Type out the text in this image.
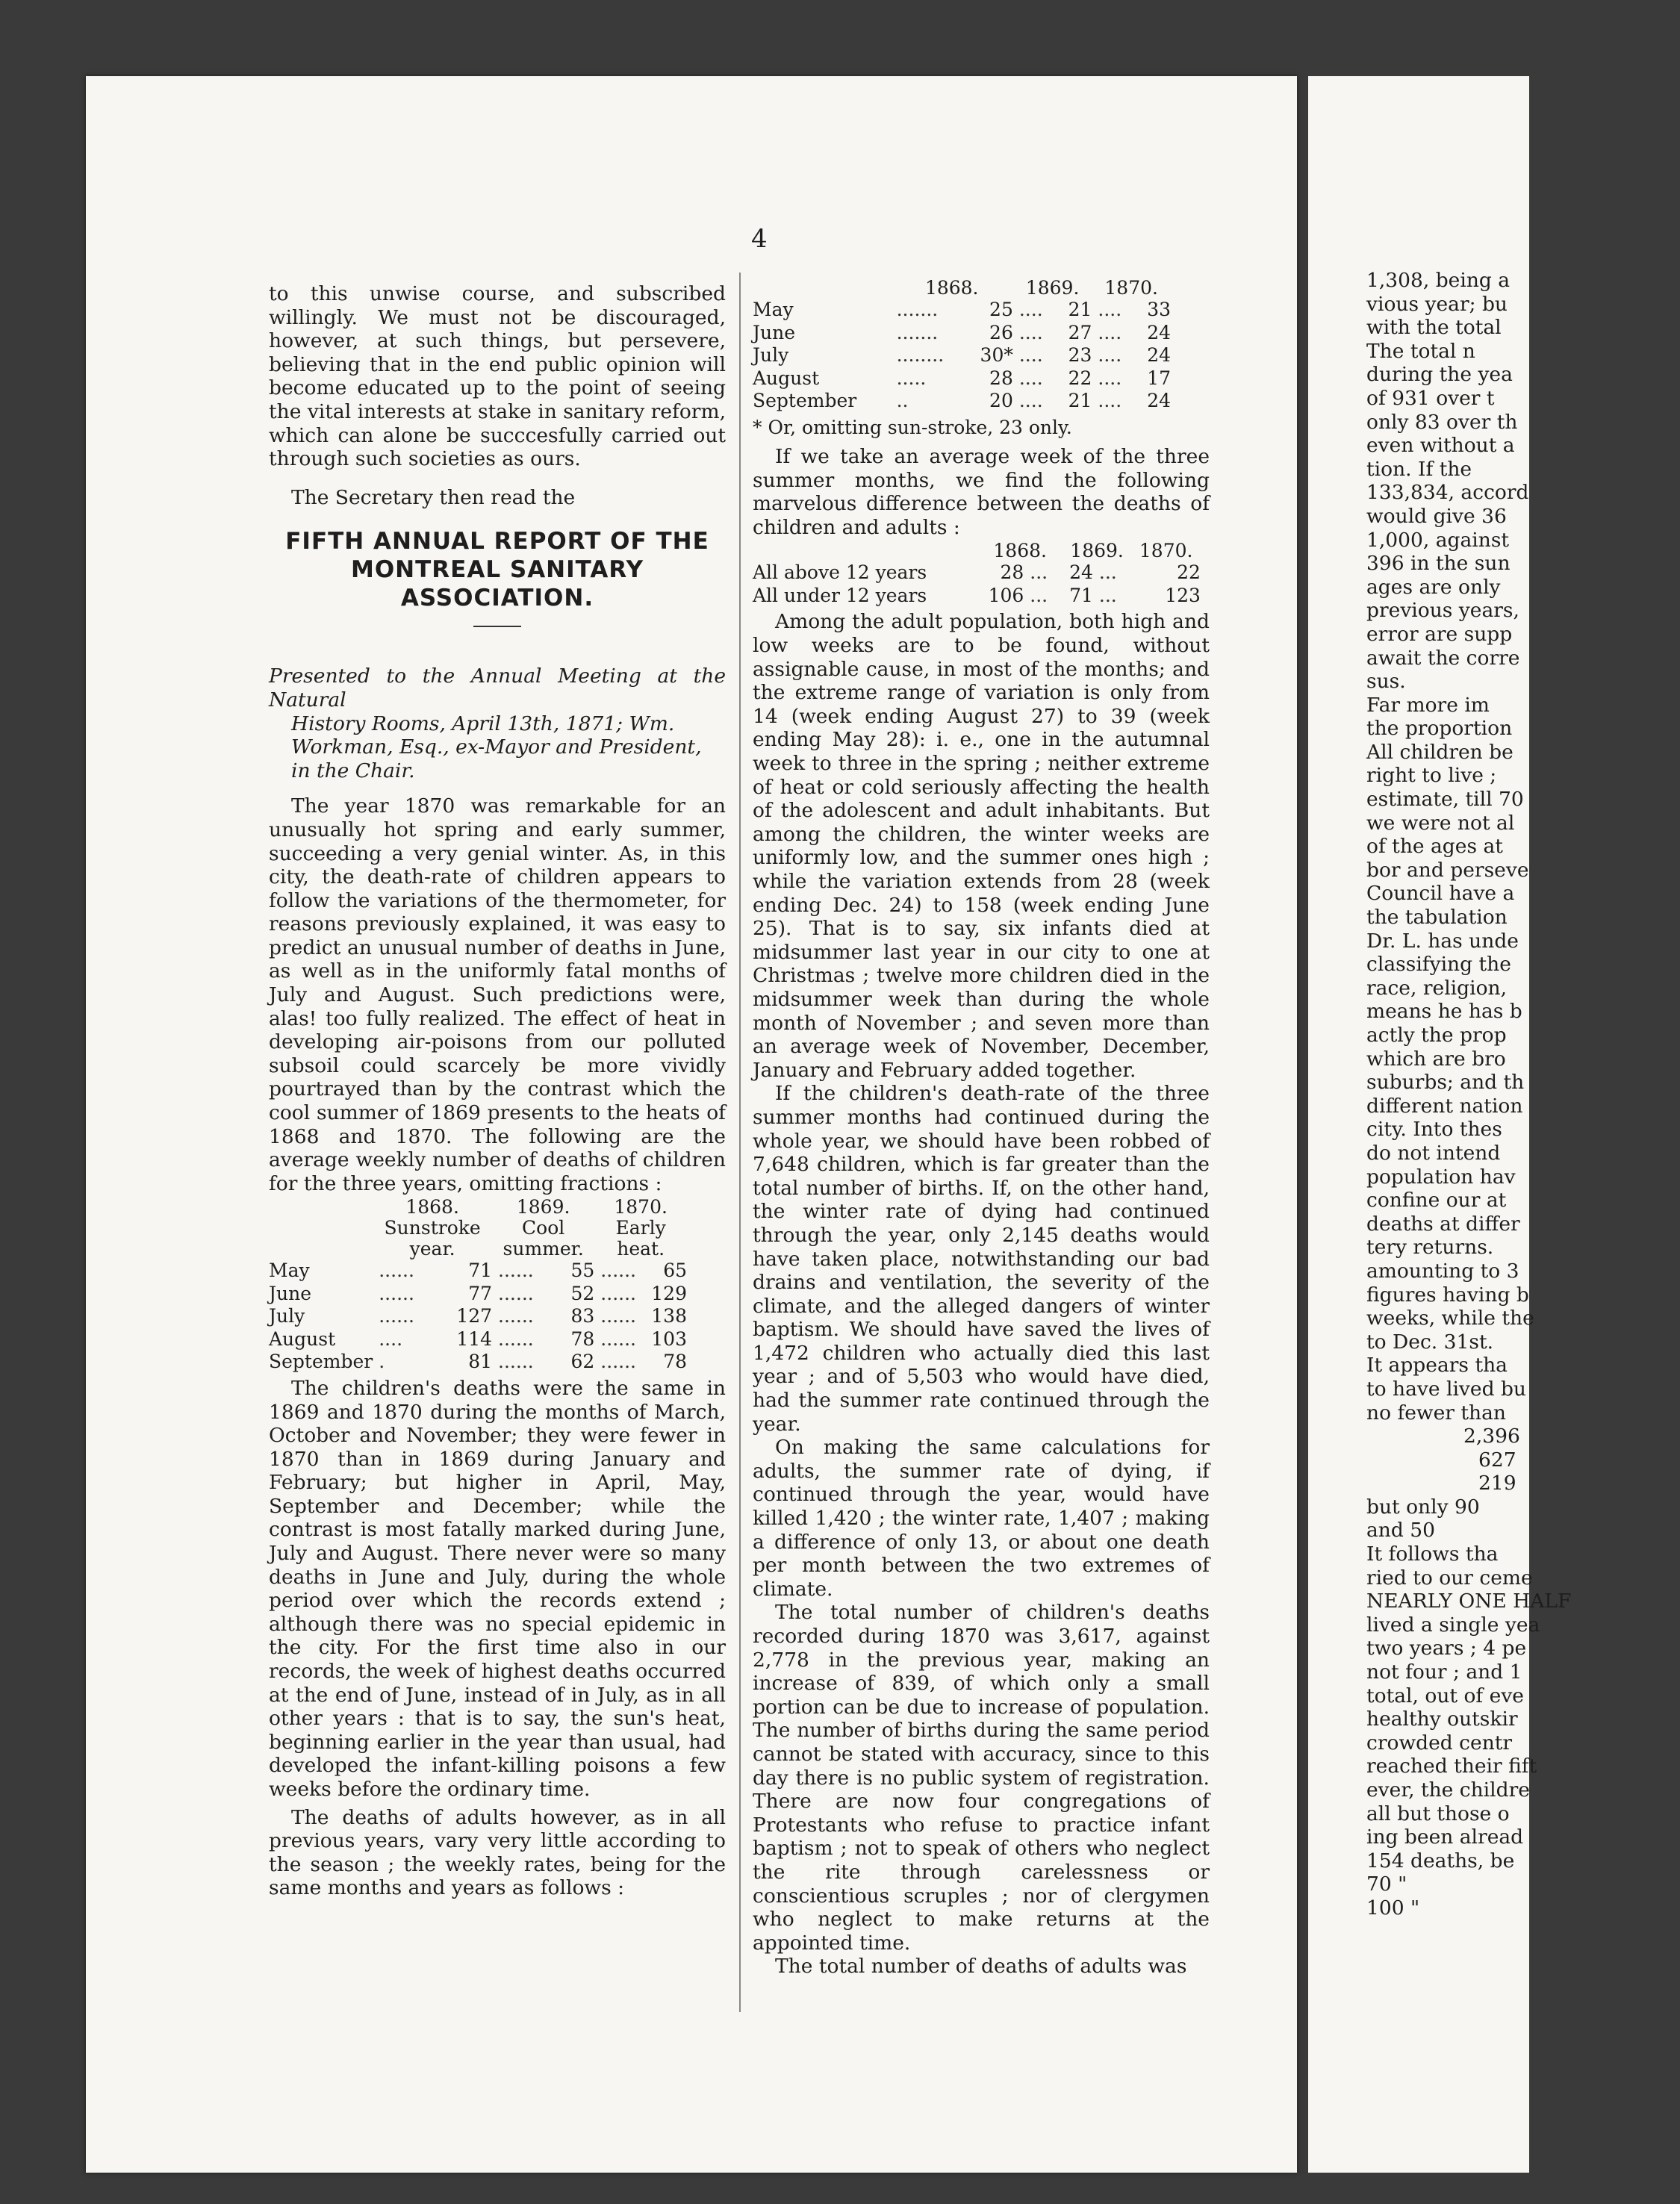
4

to this unwise course, and subscribed willingly. We must not be discouraged, however, at such things, but persevere, believing that in the end public opinion will become educated up to the point of seeing the vital interests at stake in sanitary reform, which can alone be succcesfully carried out through such societies as ours.

The Secretary then read the

FIFTH ANNUAL REPORT OF THE MONTREAL SANITARY ASSOCIATION.

Presented to the Annual Meeting at the Natural
History Rooms, April 13th, 1871; Wm.
Workman, Esq., ex-Mayor and President,
in the Chair.

The year 1870 was remarkable for an unusually hot spring and early summer, succeeding a very genial winter. As, in this city, the death-rate of children appears to follow the variations of the thermometer, for reasons previously explained, it was easy to predict an unusual number of deaths in June, as well as in the uniformly fatal months of July and August. Such predictions were, alas! too fully realized. The effect of heat in developing air-poisons from our polluted subsoil could scarcely be more vividly pourtrayed than by the contrast which the cool summer of 1869 presents to the heats of 1868 and 1870. The following are the average weekly number of deaths of children for the three years, omitting fractions :

	1868.
Sunstroke year.		1869.
Cool summer.		1870.
Early heat.	
May	......	71	......	55	......	65
June	......	77	......	52	......	129
July	......	127	......	83	......	138
August	....	114	......	78	......	103
September	.	81	......	62	......	78

The children's deaths were the same in 1869 and 1870 during the months of March, October and November; they were fewer in 1870 than in 1869 during January and February; but higher in April, May, September and December; while the contrast is most fatally marked during June, July and August. There never were so many deaths in June and July, during the whole period over which the records extend ; although there was no special epidemic in the city. For the first time also in our records, the week of highest deaths occurred at the end of June, instead of in July, as in all other years : that is to say, the sun's heat, beginning earlier in the year than usual, had developed the infant-killing poisons a few weeks before the ordinary time.

The deaths of adults however, as in all previous years, vary very little according to the season ; the weekly rates, being for the same months and years as follows :

	1868.		1869.		1870.	
May	.......	25	....	21	....	33
June	.......	26	....	27	....	24
July	........	30*	....	23	....	24
August	.....	28	....	22	....	17
September	..	20	....	21	....	24

* Or, omitting sun-stroke, 23 only.

If we take an average week of the three summer months, we find the following marvelous difference between the deaths of children and adults :

	1868.		1869.		1870.	
All above 12 years	28	...	24	...	22	
All under 12 years	106	...	71	...	123	

Among the adult population, both high and low weeks are to be found, without assignable cause, in most of the months; and the extreme range of variation is only from 14 (week ending August 27) to 39 (week ending May 28): i. e., one in the autumnal week to three in the spring ; neither extreme of heat or cold seriously affecting the health of the adolescent and adult inhabitants. But among the children, the winter weeks are uniformly low, and the summer ones high ; while the variation extends from 28 (week ending Dec. 24) to 158 (week ending June 25). That is to say, six infants died at midsummer last year in our city to one at Christmas ; twelve more children died in the midsummer week than during the whole month of November ; and seven more than an average week of November, December, January and February added together.

If the children's death-rate of the three summer months had continued during the whole year, we should have been robbed of 7,648 children, which is far greater than the total number of births. If, on the other hand, the winter rate of dying had continued through the year, only 2,145 deaths would have taken place, notwithstanding our bad drains and ventilation, the severity of the climate, and the alleged dangers of winter baptism. We should have saved the lives of 1,472 children who actually died this last year ; and of 5,503 who would have died, had the summer rate continued through the year.

On making the same calculations for adults, the summer rate of dying, if continued through the year, would have killed 1,420 ; the winter rate, 1,407 ; making a difference of only 13, or about one death per month between the two extremes of climate.

The total number of children's deaths recorded during 1870 was 3,617, against 2,778 in the previous year, making an increase of 839, of which only a small portion can be due to increase of population. The number of births during the same period cannot be stated with accuracy, since to this day there is no public system of registration. There are now four congregations of Protestants who refuse to practice infant baptism ; not to speak of others who neglect the rite through carelessness or conscientious scruples ; nor of clergymen who neglect to make returns at the appointed time.

The total number of deaths of adults was

1,308, being a
vious year; bu
with the total
The total n
during the yea
of 931 over t
only 83 over th
even without a
tion. If the
133,834, accord
would give 36
1,000, against
396 in the sun
ages are only
previous years,
error are supp
await the corre
sus.
Far more im
the proportion
All children be
right to live ;
estimate, till 70
we were not al
of the ages at
bor and perseve
Council have a
the tabulation
Dr. L. has unde
classifying the
race, religion,
means he has b
actly the prop
which are bro
suburbs; and th
different nation
city. Into thes
do not intend
population hav
confine our at
deaths at differ
tery returns.
amounting to 3
figures having b
weeks, while the
to Dec. 31st.
It appears tha
to have lived bu
no fewer than
2,396
627
219
but only 90
and 50
It follows tha
ried to our ceme
NEARLY ONE HALF
lived a single yea
two years ; 4 pe
not four ; and 1
total, out of eve
healthy outskir
crowded centr
reached their fift
ever, the childre
all but those o
ing been alread
154 deaths, be
70 "
100 "
